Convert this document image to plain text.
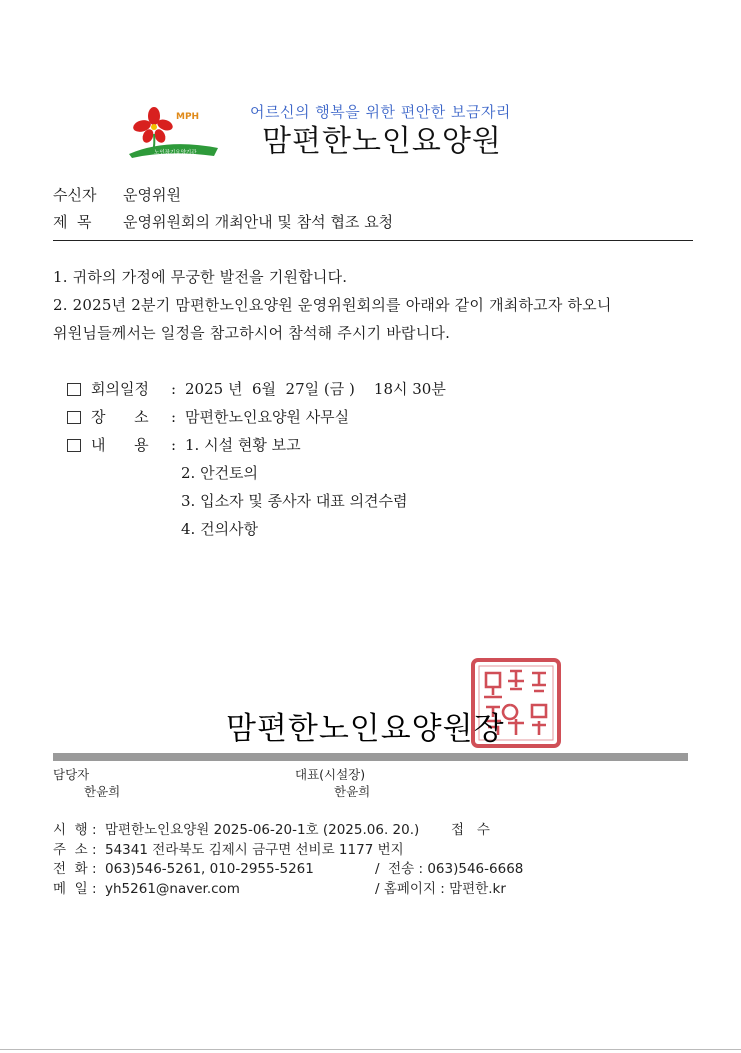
MPH
노인장기요양기관
어르신의 행복을 위한 편안한 보금자리
맘편한노인요양원
수신자 운영위원
제  목 운영위원회의 개최안내 및 참석 협조 요청
1. 귀하의 가정에 무궁한 발전을 기원합니다.
2. 2025년 2분기 맘편한노인요양원 운영위원회의를 아래와 같이 개최하고자 하오니
위원님들께서는 일정을 참고하시어 참석해 주시기 바랍니다.
회의일정 : 2025 년  6월  27일 (금 )    18시 30분
장      소 : 맘편한노인요양원 사무실
내      용 : 1. 시설 현황 보고
2. 안건토의
3. 입소자 및 종사자 대표 의견수렴
4. 건의사항
맘편한노인요양원장의인
맘편한노인요양원장
담당자
한윤희
대표(시설장)
한윤희
시  행 : 맘편한노인요양원 2025-06-20-1호 (2025.06. 20.) 접   수
주  소 : 54341 전라북도 김제시 금구면 선비로 1177 번지
전  화 : 063)546-5261, 010-2955-5261	/  전송 : 063)546-6668
메  일 : yh5261@naver.com	/ 홈페이지 : 맘편한.kr
